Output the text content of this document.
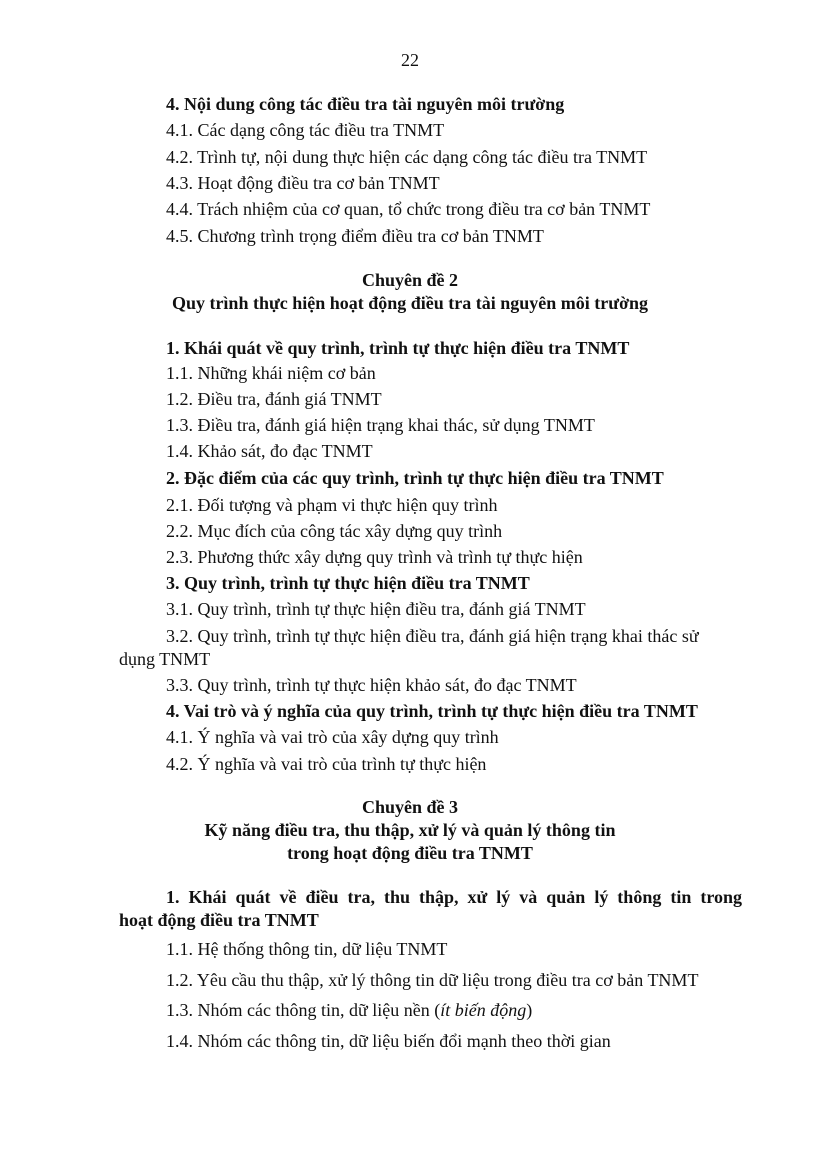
22
4. Nội dung công tác điều tra tài nguyên môi trường
4.1. Các dạng công tác điều tra TNMT
4.2. Trình tự, nội dung thực hiện các dạng công tác điều tra TNMT
4.3. Hoạt động điều tra cơ bản TNMT
4.4. Trách nhiệm của cơ quan, tổ chức trong điều tra cơ bản TNMT
4.5. Chương trình trọng điểm điều tra cơ bản TNMT
Chuyên đề 2
Quy trình thực hiện hoạt động điều tra tài nguyên môi trường
1. Khái quát về quy trình, trình tự thực hiện điều tra TNMT
1.1. Những khái niệm cơ bản
1.2. Điều tra, đánh giá TNMT
1.3. Điều tra, đánh giá hiện trạng khai thác, sử dụng TNMT
1.4. Khảo sát, đo đạc TNMT
2. Đặc điểm của các quy trình, trình tự thực hiện điều tra TNMT
2.1. Đối tượng và phạm vi thực hiện quy trình
2.2. Mục đích của công tác xây dựng quy trình
2.3. Phương thức xây dựng quy trình và trình tự thực hiện
3. Quy trình, trình tự thực hiện điều tra TNMT
3.1. Quy trình, trình tự thực hiện điều tra, đánh giá TNMT
3.2. Quy trình, trình tự thực hiện điều tra, đánh giá hiện trạng khai thác sử
dụng TNMT
3.3. Quy trình, trình tự thực hiện khảo sát, đo đạc TNMT
4. Vai trò và ý nghĩa của quy trình, trình tự thực hiện điều tra TNMT
4.1. Ý nghĩa và vai trò của xây dựng quy trình
4.2. Ý nghĩa và vai trò của trình tự thực hiện
Chuyên đề 3
Kỹ năng điều tra, thu thập, xử lý và quản lý thông tin
trong hoạt động điều tra TNMT
1. Khái quát về điều tra, thu thập, xử lý và quản lý thông tin trong
hoạt động điều tra TNMT
1.1. Hệ thống thông tin, dữ liệu TNMT
1.2. Yêu cầu thu thập, xử lý thông tin dữ liệu trong điều tra cơ bản TNMT
1.3. Nhóm các thông tin, dữ liệu nền (ít biến động)
1.4. Nhóm các thông tin, dữ liệu biến đổi mạnh theo thời gian
